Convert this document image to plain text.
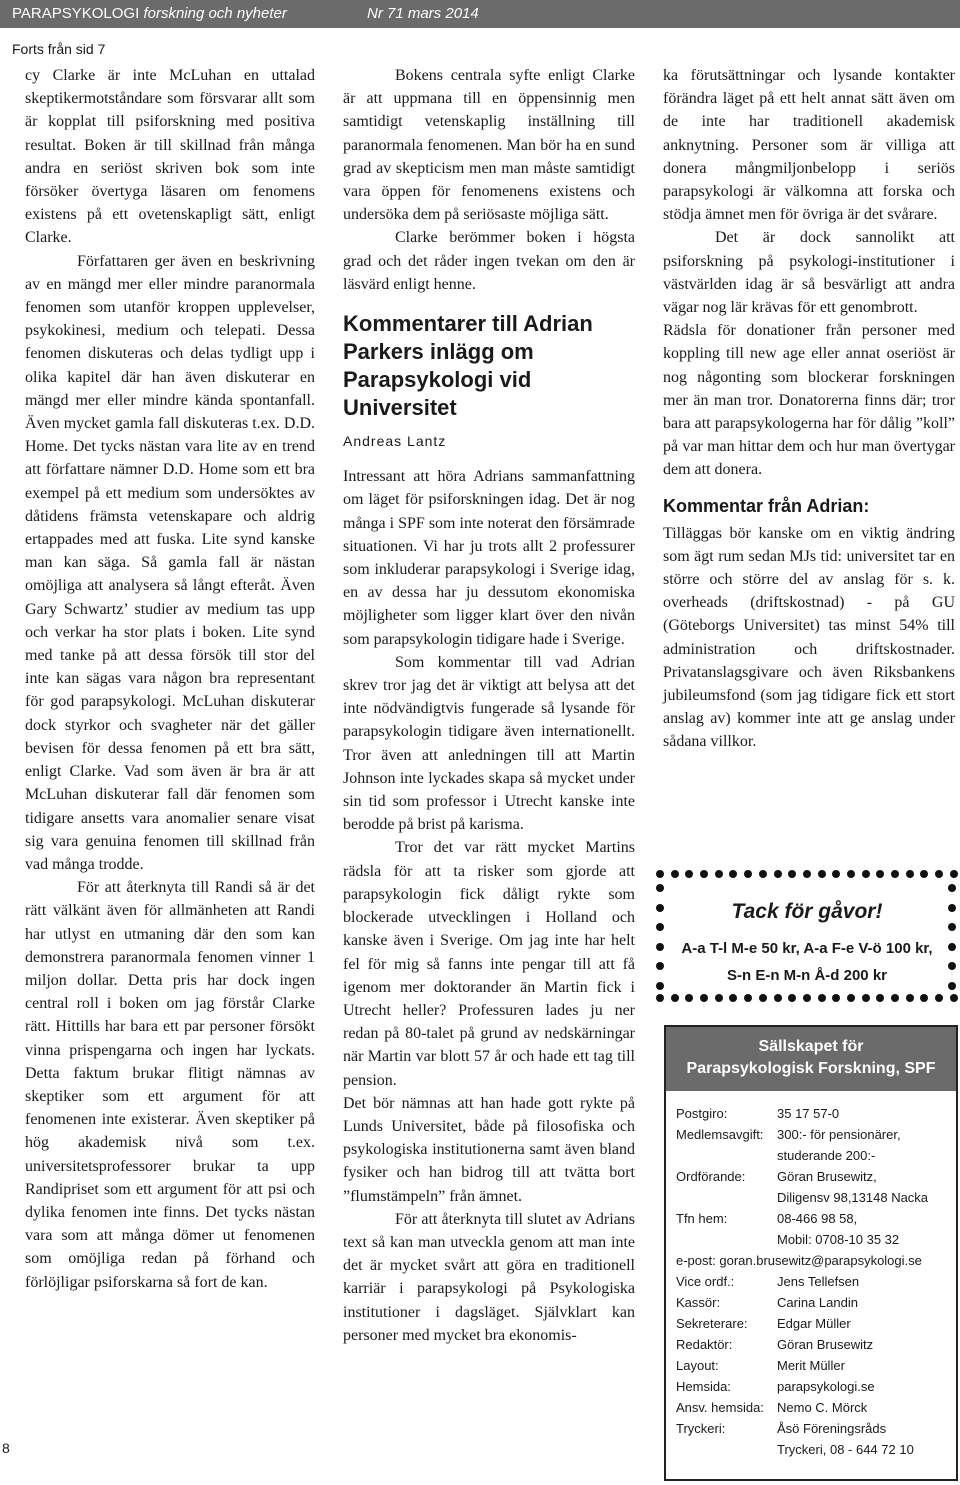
PARAPSYKOLOGI forskning och nyheter	Nr 71 mars 2014
Forts från sid 7

cy Clarke är inte McLuhan en uttalad skeptikermotståndare som försvarar allt som är kopplat till psiforskning med positiva resultat. Boken är till skillnad från många andra en seriöst skriven bok som inte försöker övertyga läsaren om fenomens existens på ett ovetenskapligt sätt, enligt Clarke.

Författaren ger även en beskrivning av en mängd mer eller mindre paranormala fenomen som utanför kroppen upplevelser, psykokinesi, medium och telepati. Dessa fenomen diskuteras och delas tydligt upp i olika kapitel där han även diskuterar en mängd mer eller mindre kända spontanfall. Även mycket gamla fall diskuteras t.ex. D.D. Home. Det tycks nästan vara lite av en trend att författare nämner D.D. Home som ett bra exempel på ett medium som undersöktes av dåtidens främsta vetenskapare och aldrig ertappades med att fuska. Lite synd kanske man kan säga. Så gamla fall är nästan omöjliga att analysera så långt efteråt. Även Gary Schwartz’ studier av medium tas upp och verkar ha stor plats i boken. Lite synd med tanke på att dessa försök till stor del inte kan sägas vara någon bra representant för god parapsykologi. McLuhan diskuterar dock styrkor och svagheter när det gäller bevisen för dessa fenomen på ett bra sätt, enligt Clarke. Vad som även är bra är att McLuhan diskuterar fall där fenomen som tidigare ansetts vara anomalier senare visat sig vara genuina fenomen till skillnad från vad många trodde.

För att återknyta till Randi så är det rätt välkänt även för allmänheten att Randi har utlyst en utmaning där den som kan demonstrera paranormala fenomen vinner 1 miljon dollar. Detta pris har dock ingen central roll i boken om jag förstår Clarke rätt. Hittills har bara ett par personer försökt vinna prispengarna och ingen har lyckats. Detta faktum brukar flitigt nämnas av skeptiker som ett argument för att fenomenen inte existerar. Även skeptiker på hög akademisk nivå som t.ex. universitetsprofessorer brukar ta upp Randipriset som ett argument för att psi och dylika fenomen inte finns. Det tycks nästan vara som att många dömer ut fenomenen som omöjliga redan på förhand och förlöjligar psiforskarna så fort de kan.

Bokens centrala syfte enligt Clarke är att uppmana till en öppensinnig men samtidigt vetenskaplig inställning till paranormala fenomenen. Man bör ha en sund grad av skepticism men man måste samtidigt vara öppen för fenomenens existens och undersöka dem på seriösaste möjliga sätt.

Clarke berömmer boken i högsta grad och det råder ingen tvekan om den är läsvärd enligt henne.

Kommentarer till Adrian Parkers inlägg om Parapsykologi vid Universitet
Andreas Lantz

Intressant att höra Adrians sammanfattning om läget för psiforskningen idag. Det är nog många i SPF som inte noterat den försämrade situationen. Vi har ju trots allt 2 professurer som inkluderar parapsykologi i Sverige idag, en av dessa har ju dessutom ekonomiska möjligheter som ligger klart över den nivån som parapsykologin tidigare hade i Sverige.

Som kommentar till vad Adrian skrev tror jag det är viktigt att belysa att det inte nödvändigtvis fungerade så lysande för parapsykologin tidigare även internationellt. Tror även att anledningen till att Martin Johnson inte lyckades skapa så mycket under sin tid som professor i Utrecht kanske inte berodde på brist på karisma.

Tror det var rätt mycket Martins rädsla för att ta risker som gjorde att parapsykologin fick dåligt rykte som blockerade utvecklingen i Holland och kanske även i Sverige. Om jag inte har helt fel för mig så fanns inte pengar till att få igenom mer doktorander än Martin fick i Utrecht heller? Professuren lades ju ner redan på 80-talet på grund av nedskärningar när Martin var blott 57 år och hade ett tag till pension.

Det bör nämnas att han hade gott rykte på Lunds Universitet, både på filosofiska och psykologiska institutionerna samt även bland fysiker och han bidrog till att tvätta bort ”flumstämpeln” från ämnet.

För att återknyta till slutet av Adrians text så kan man utveckla genom att man inte det är mycket svårt att göra en traditionell karriär i parapsykologi på Psykologiska institutioner i dagsläget. Självklart kan personer med mycket bra ekonomis-

ka förutsättningar och lysande kontakter förändra läget på ett helt annat sätt även om de inte har traditionell akademisk anknytning. Personer som är villiga att donera mångmiljonbelopp i seriös parapsykologi är välkomna att forska och stödja ämnet men för övriga är det svårare.

Det är dock sannolikt att psiforskning på psykologi-institutioner i västvärlden idag är så besvärligt att andra vägar nog lär krävas för ett genombrott.

Rädsla för donationer från personer med koppling till new age eller annat oseriöst är nog någonting som blockerar forskningen mer än man tror. Donatorerna finns där; tror bara att parapsykologerna har för dålig ”koll” på var man hittar dem och hur man övertygar dem att donera.

Kommentar från Adrian:

Tilläggas bör kanske om en viktig ändring som ägt rum sedan MJs tid: universitet tar en större och större del av anslag för s. k. overheads (driftskostnad) - på GU (Göteborgs Universitet) tas minst 54% till administration och driftskostnader. Privatanslagsgivare och även Riksbankens jubileumsfond (som jag tidigare fick ett stort anslag av) kommer inte att ge anslag under sådana villkor.

Tack för gåvor!
A-a T-l M-e 50 kr, A-a F-e V-ö 100 kr,
S-n E-n M-n Å-d 200 kr
Sällskapet för
Parapsykologisk Forskning, SPF
Postgiro:	35 17 57-0
Medlemsavgift:	300:- för pensionärer,
studerande 200:-
Ordförande:	Göran Brusewitz,
Diligensv 98,13148 Nacka
Tfn hem:	08-466 98 58,
Mobil: 0708-10 35 32
e-post: goran.brusewitz@parapsykologi.se
Vice ordf.:	Jens Tellefsen
Kassör:	Carina Landin
Sekreterare:	Edgar Müller
Redaktör:	Göran Brusewitz
Layout:	Merit Müller
Hemsida:	parapsykologi.se
Ansv. hemsida:	Nemo C. Mörck
Tryckeri:	Åsö Föreningsråds
Tryckeri, 08 - 644 72 10
8
